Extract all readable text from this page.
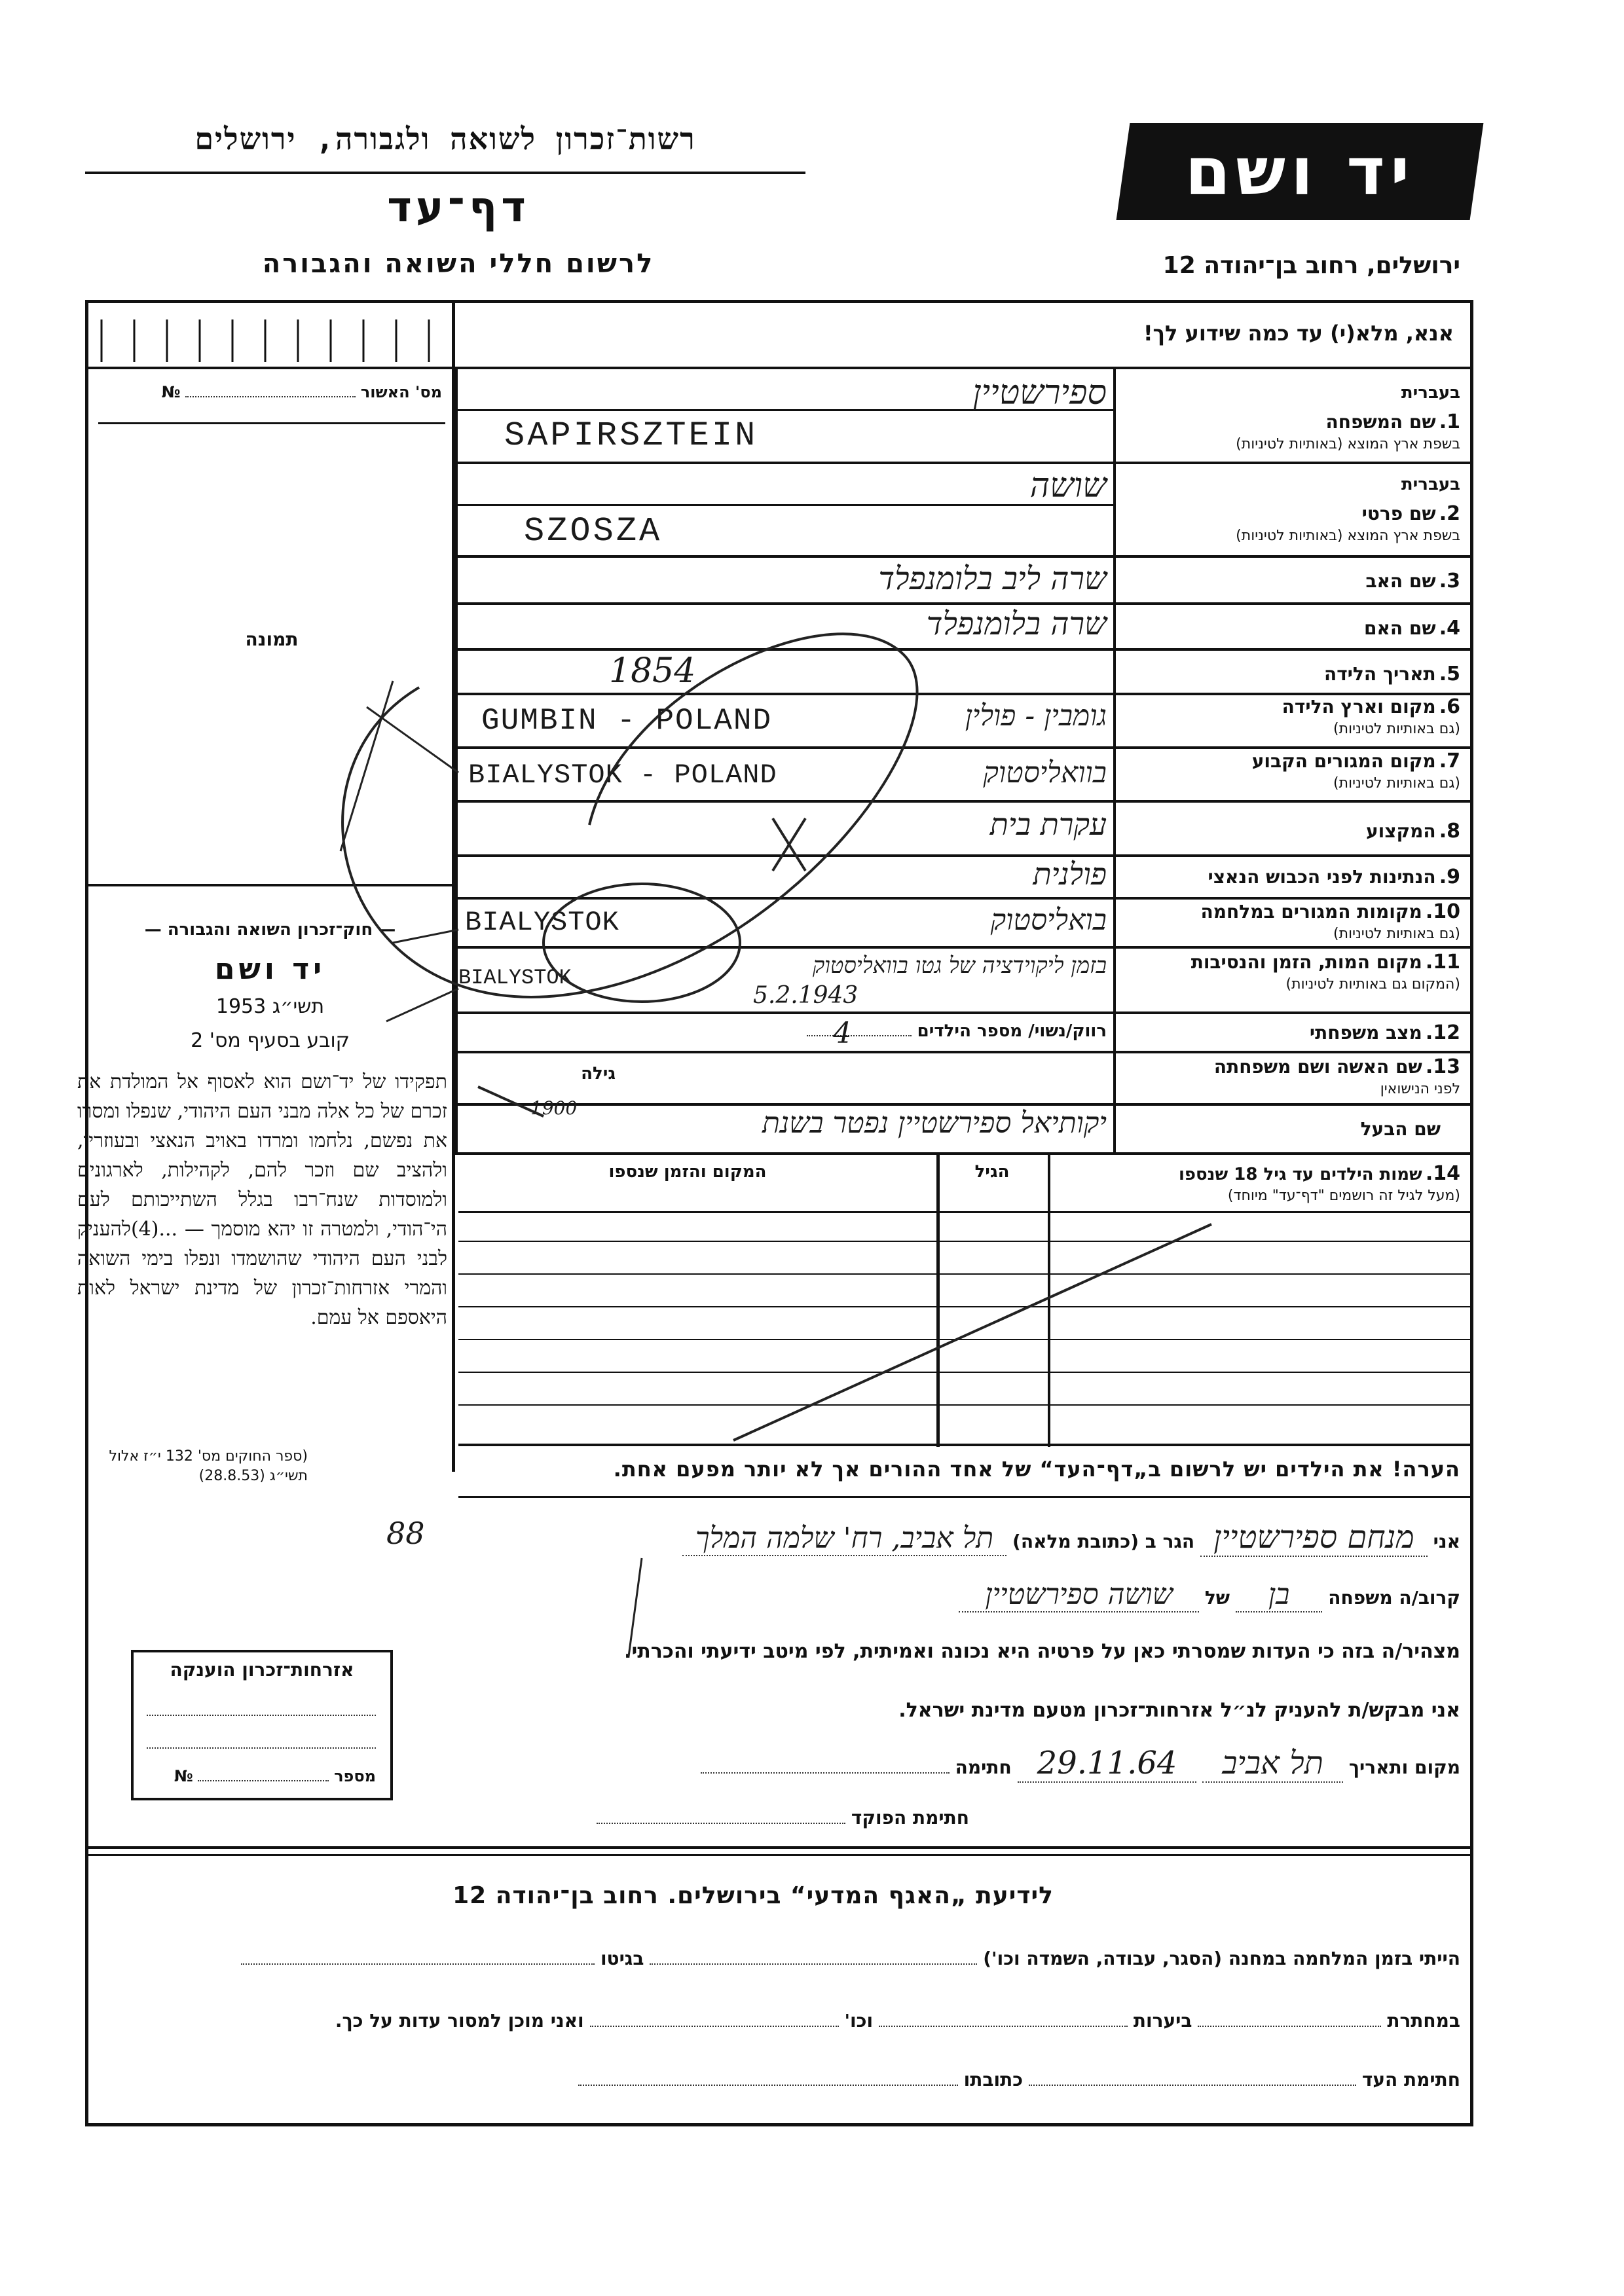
רשות־זכרון לשואה ולגבורה, ירושלים
דף־עד
לרשום חללי השואה והגבורה
יד ושם
ירושלים, רחוב בן־יהודה 12
אנא, מלא(י) עד כמה שידוע לך!
מס' האשור  №
תמונה
— חוק־זכרון השואה והגבורה —
יד ושם
תשי״ג 1953
קובע בסעיף מס' 2
תפקידו של יד־ושם הוא לאסוף אל המולדת את זכרם של כל אלה מבני העם היהודי, שנפלו ומסרו את נפשם, נלחמו ומרדו באויב הנאצי ובעוזריו, ולהציב שם וזכר להם, לקהילות, לארגונים ולמוסדות שנח־רבו בגלל השתייכותם לעם הי־הודי, ולמטרה זו יהא מוסמך — ...(4)להעניק לבני העם היהודי שהושמדו ונפלו בימי השואה והמרי אזרחות־זכרון של מדינת ישראל לאות היאספם אל עמם.
(ספר החוקים מס' 132 י״ז אלול תשי״ג (28.8.53)
בעברית
1. שם המשפחה
בשפת ארץ המוצא (באותיות לטיניות)
ספירשטיין
SAPIRSZTEIN
בעברית
2. שם פרטי
בשפת ארץ המוצא (באותיות לטיניות)
שושה
SZOSZA
3. שם האב
שרה ליב בלומנפלד
4. שם האם
שרה בלומנפלד
5. תאריך הלידה
1854
6. מקום וארץ הלידה
(גם באותיות לטיניות)
GUMBIN - POLAND	גומבין - פולין
7. מקום המגורים הקבוע
(גם באותיות לטיניות)
BIALYSTOK - POLAND	בוואליסטוק
8. המקצוע
עקרת בית
9. הנתינות לפני הכבוש הנאצי
פולנית
10. מקומות המגורים במלחמה
(גם באותיות לטיניות)
BIALYSTOK	בואליסטוק
11. מקום המות, הזמן והנסיבות
(המקום גם באותיות לטיניות)
BIALYSTOK	בזמן ליקוידציה של גטו בוואליסטוק
5.2.1943
12. מצב משפחתי
רווק/נשוי/ מספר הילדים
4
13. שם האשה ושם משפחתה
לפני הנישואין
גילה
1900
שם הבעל
יקותיאל ספירשטיין נפטר בשנת
14. שמות הילדים עד גיל 18 שנספו
(מעל לגיל זה רושמים "דף־עד" מיוחד)
הגיל
המקום והזמן שנספו
הערה! את הילדים יש לרשום ב„דף־העד“ של אחד ההורים אך לא יותר מפעם אחת.
אני מנחם ספירשטיין הגר ב (כתובת מלאה) תל אביב, רח' שלמה המלך
88
קרוב/ה משפחה בן של שושה ספירשטיין
מצהיר/ה בזה כי העדות שמסרתי כאן על פרטיה היא נכונה ואמיתית, לפי מיטב ידיעתי והכרתי.
אני מבקש/ת להעניק לנ״ל אזרחות־זכרון מטעם מדינת ישראל.
מקום ותאריך תל אביב 29.11.64 חתימה
חתימת הפוקד
אזרחות־זכרון הוענקה
מספר  №
לידיעת „האגף המדעי“ בירושלים. רחוב בן־יהודה 12
הייתי בזמן המלחמה במחנה (הסגר, עבודה, השמדה וכו')  בגיטו
במחתרת  ביערות  וכו'  ואני מוכן למסור עדות על כך.
חתימת העד  כתובתו
